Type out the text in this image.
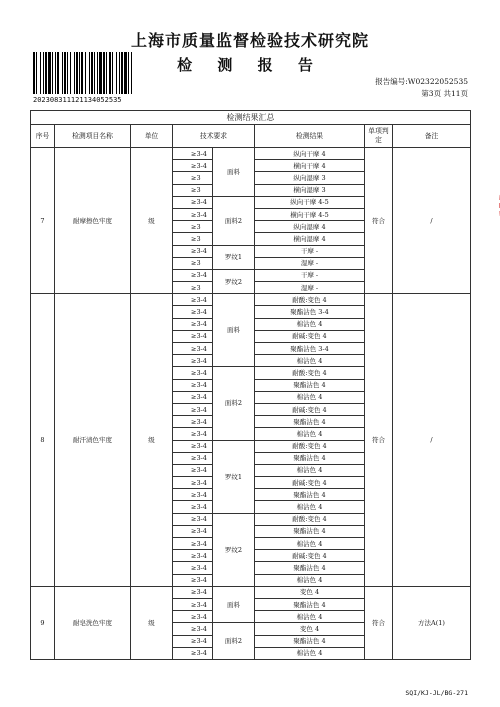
上海市质量监督检验技术研究院
检 测 报 告
202308311121134052535
报告编号:W02322052535
第3页 共11页
检测结果汇总							
序号	检测项目名称	单位	技术要求		检测结果	单项判定	备注
7	耐摩擦色牢度	级	≥3-4	面料	纵向干摩 4	符合	/
			≥3-4		横向干摩 4		
			≥3		纵向湿摩 3		
			≥3		横向湿摩 3		
			≥3-4	面料2	纵向干摩 4-5		
			≥3-4		横向干摩 4-5		
			≥3		纵向湿摩 4		
			≥3		横向湿摩 4		
			≥3-4	罗纹1	干摩 -		
			≥3		湿摩 -		
			≥3-4	罗纹2	干摩 -		
			≥3		湿摩 -		
8	耐汗渍色牢度	级	≥3-4	面料	耐酸:变色 4	符合	/
			≥3-4		聚酯沾色 3-4		
			≥3-4		棉沾色 4		
			≥3-4		耐碱:变色 4		
			≥3-4		聚酯沾色 3-4		
			≥3-4		棉沾色 4		
			≥3-4	面料2	耐酸:变色 4		
			≥3-4		聚酯沾色 4		
			≥3-4		棉沾色 4		
			≥3-4		耐碱:变色 4		
			≥3-4		聚酯沾色 4		
			≥3-4		棉沾色 4		
			≥3-4	罗纹1	耐酸:变色 4		
			≥3-4		聚酯沾色 4		
			≥3-4		棉沾色 4		
			≥3-4		耐碱:变色 4		
			≥3-4		聚酯沾色 4		
			≥3-4		棉沾色 4		
			≥3-4	罗纹2	耐酸:变色 4		
			≥3-4		聚酯沾色 4		
			≥3-4		棉沾色 4		
			≥3-4		耐碱:变色 4		
			≥3-4		聚酯沾色 4		
			≥3-4		棉沾色 4		
9	耐皂洗色牢度	级	≥3-4	面料	变色 4	符合	方法A(1)
			≥3-4		聚酯沾色 4		
			≥3-4		棉沾色 4		
			≥3-4	面料2	变色 4		
			≥3-4		聚酯沾色 4		
			≥3-4		棉沾色 4		
SQI/KJ-JL/BG-271
